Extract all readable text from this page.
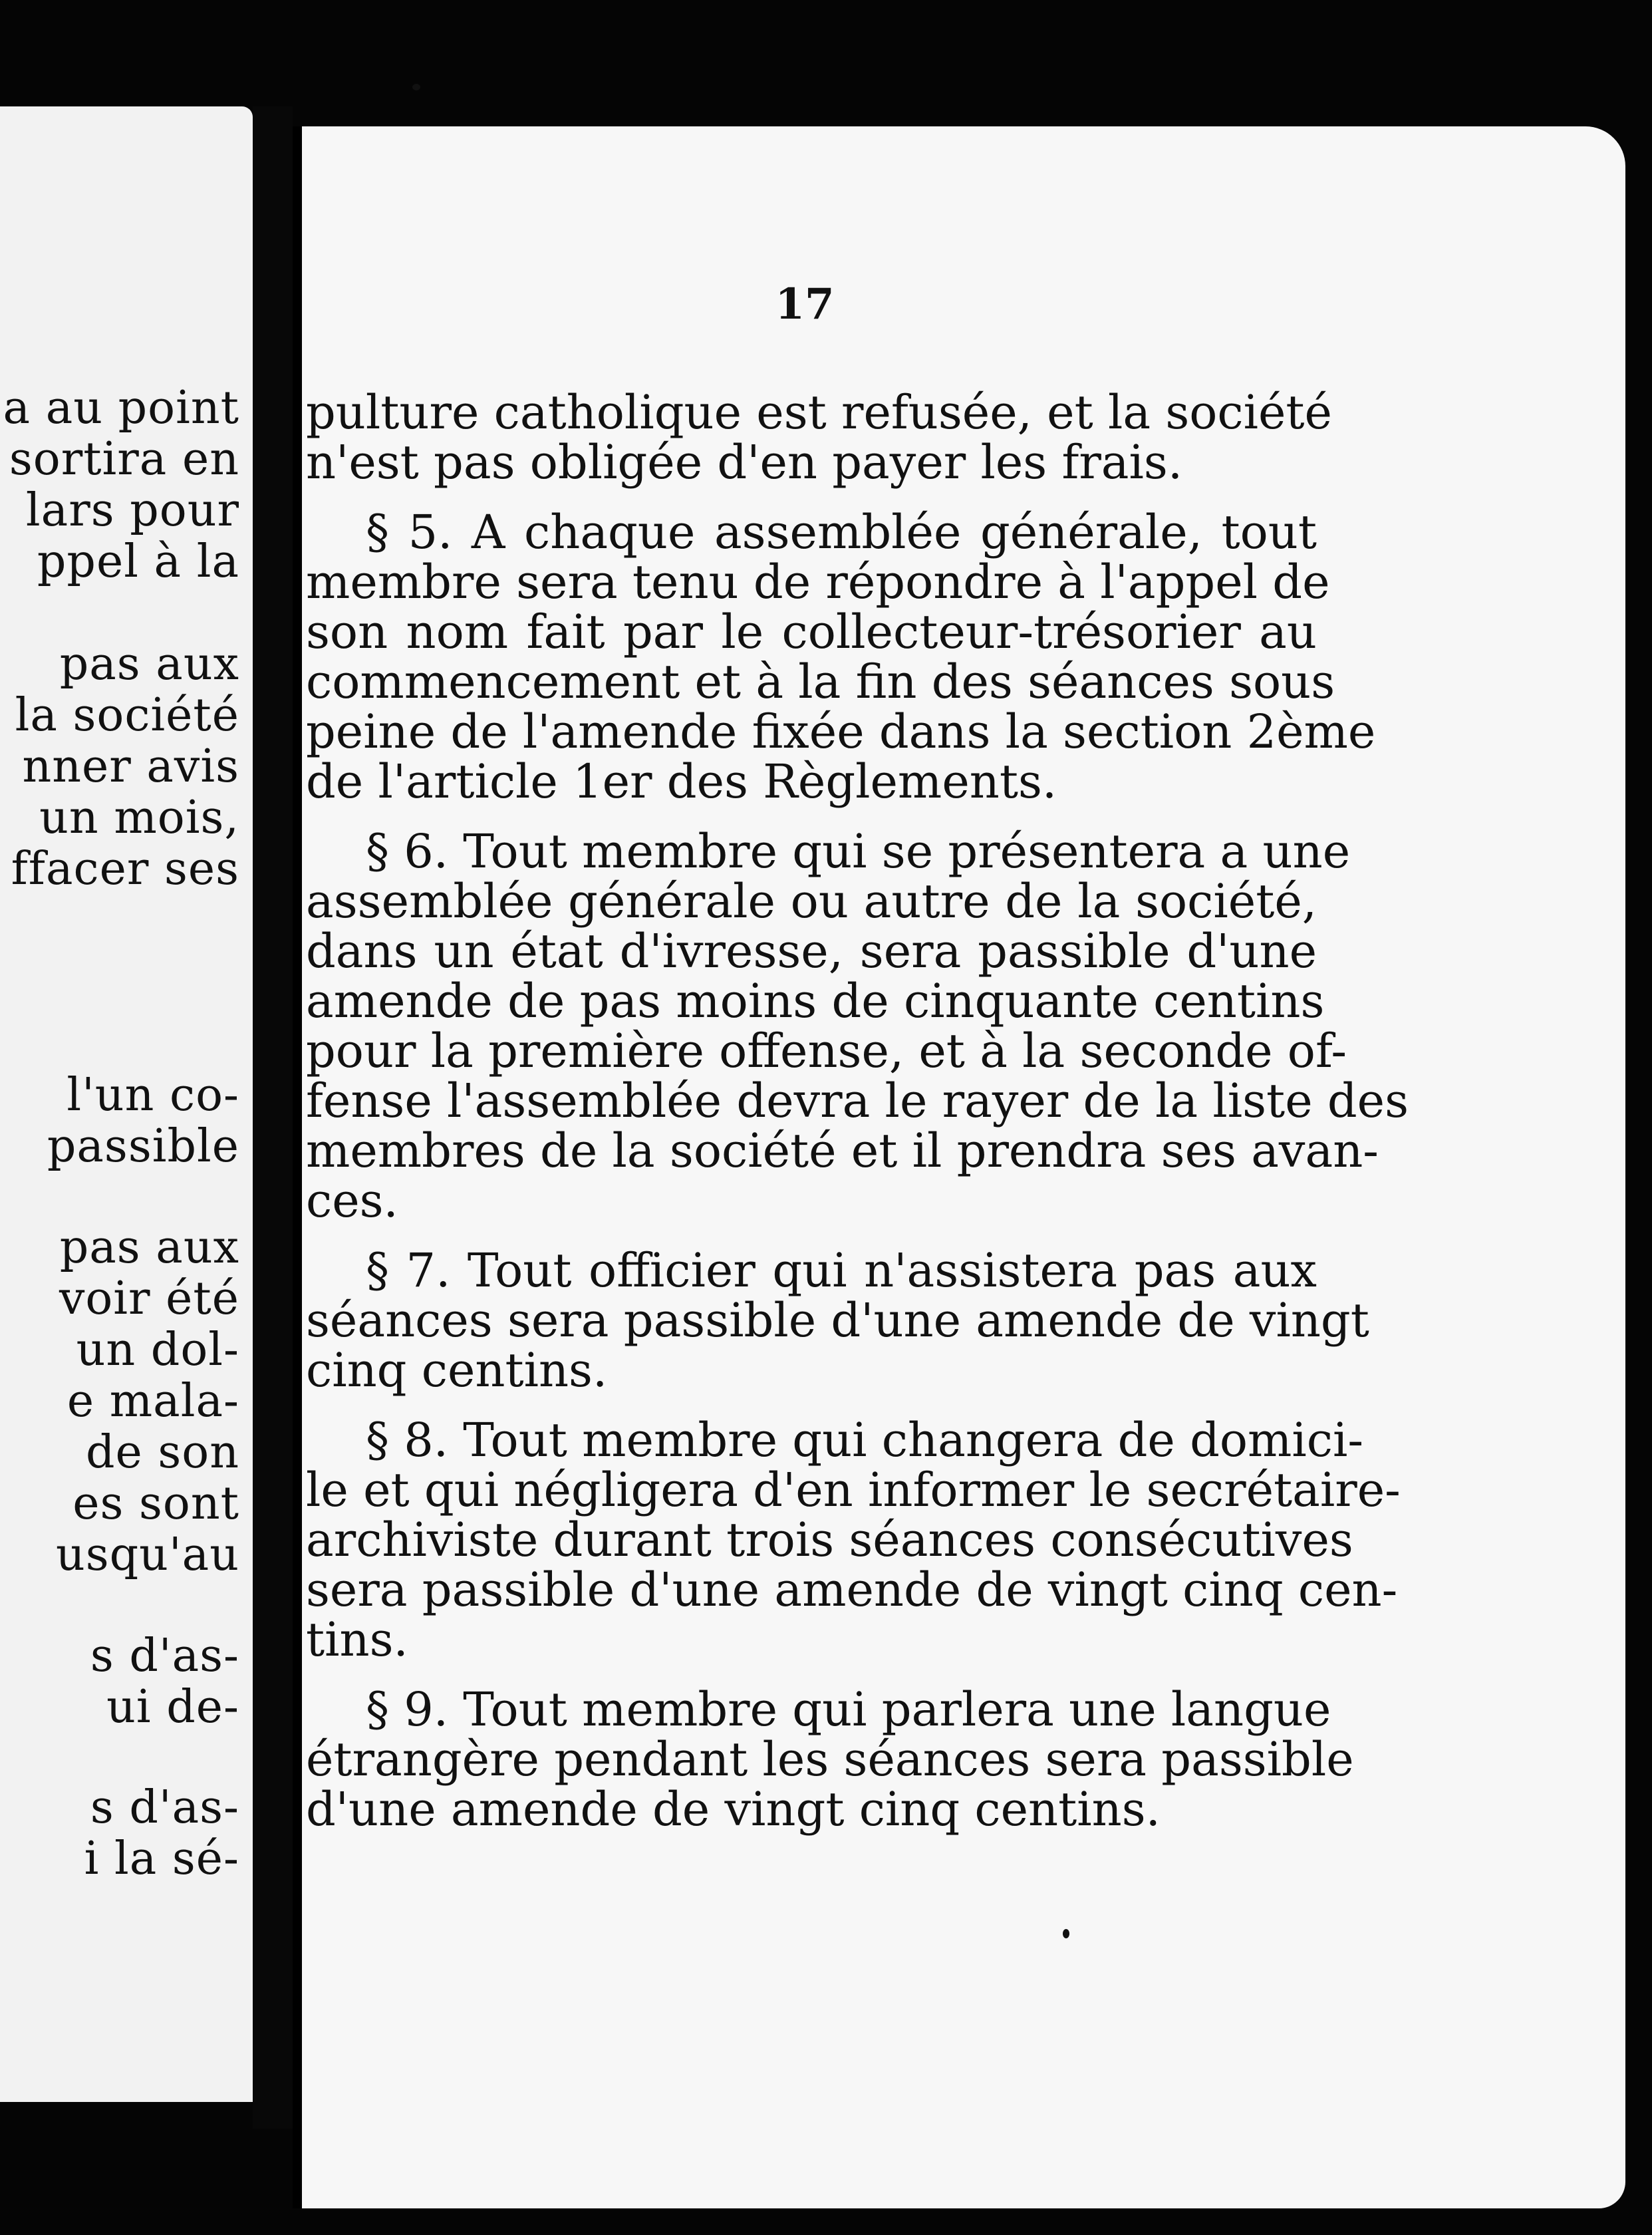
a au point
sortira en
lars pour
ppel à la
pas aux
la société
nner avis
un mois,
ffacer ses
l'un co-
passible
pas aux
voir été
un dol-
e mala-
de son
es sont
usqu'au
s d'as-
ui de-
s d'as-
i la sé-
17
pulture catholique est refusée, et la société
n'est pas obligée d'en payer les frais.
§ 5. A chaque assemblée générale, tout
membre sera tenu de répondre à l'appel de
son nom fait par le collecteur-trésorier au
commencement et à la fin des séances sous
peine de l'amende fixée dans la section 2ème
de l'article 1er des Règlements.
§ 6. Tout membre qui se présentera a une
assemblée générale ou autre de la société,
dans un état d'ivresse, sera passible d'une
amende de pas moins de cinquante centins
pour la première offense, et à la seconde of-
fense l'assemblée devra le rayer de la liste des
membres de la société et il prendra ses avan-
ces.
§ 7. Tout officier qui n'assistera pas aux
séances sera passible d'une amende de vingt
cinq centins.
§ 8. Tout membre qui changera de domici-
le et qui négligera d'en informer le secrétaire-
archiviste durant trois séances consécutives
sera passible d'une amende de vingt cinq cen-
tins.
§ 9. Tout membre qui parlera une langue
étrangère pendant les séances sera passible
d'une amende de vingt cinq centins.
